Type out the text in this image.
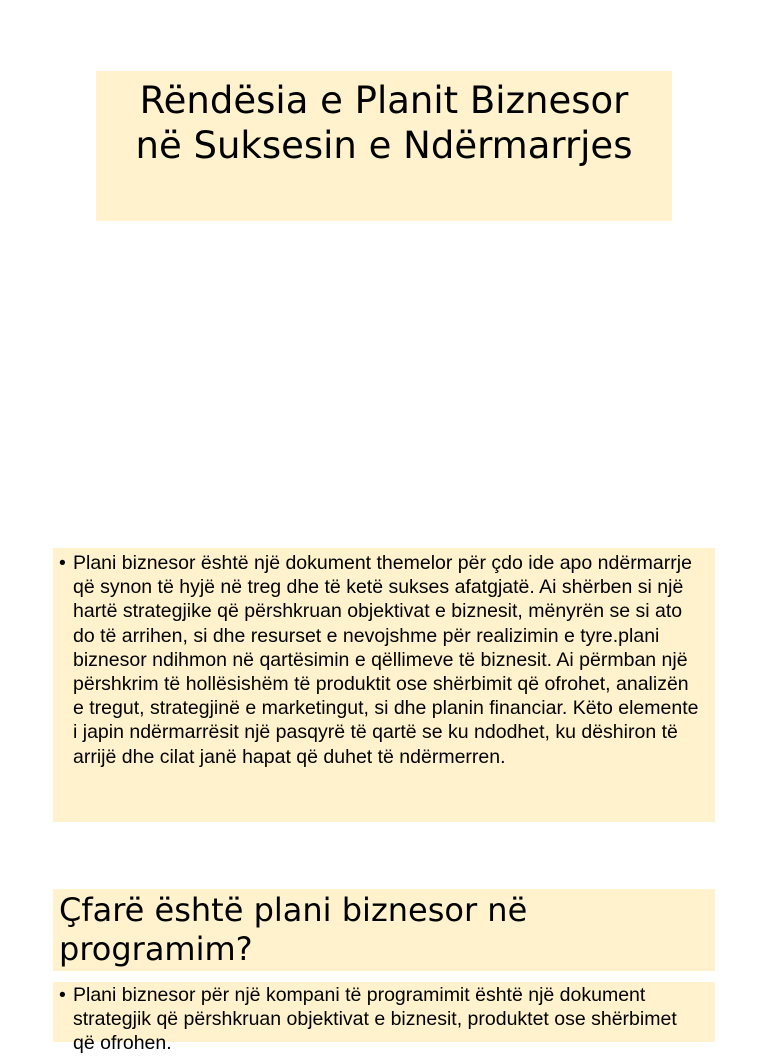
Rëndësia e Planit Biznesor
në Suksesin e Ndërmarrjes
• Plani biznesor është një dokument themelor për çdo ide apo ndërmarrje që synon të hyjë në treg dhe të ketë sukses afatgjatë. Ai shërben si një hartë strategjike që përshkruan objektivat e biznesit, mënyrën se si ato do të arrihen, si dhe resurset e nevojshme për realizimin e tyre.plani biznesor ndihmon në qartësimin e qëllimeve të biznesit. Ai përmban një përshkrim të hollësishëm të produktit ose shërbimit që ofrohet, analizën e tregut, strategjinë e marketingut, si dhe planin financiar. Këto elemente i japin ndërmarrësit një pasqyrë të qartë se ku ndodhet, ku dëshiron të arrijë dhe cilat janë hapat që duhet të ndërmerren.
Çfarë është plani biznesor në
programim?
• Plani biznesor për një kompani të programimit është një dokument strategjik që përshkruan objektivat e biznesit, produktet ose shërbimet që ofrohen.
